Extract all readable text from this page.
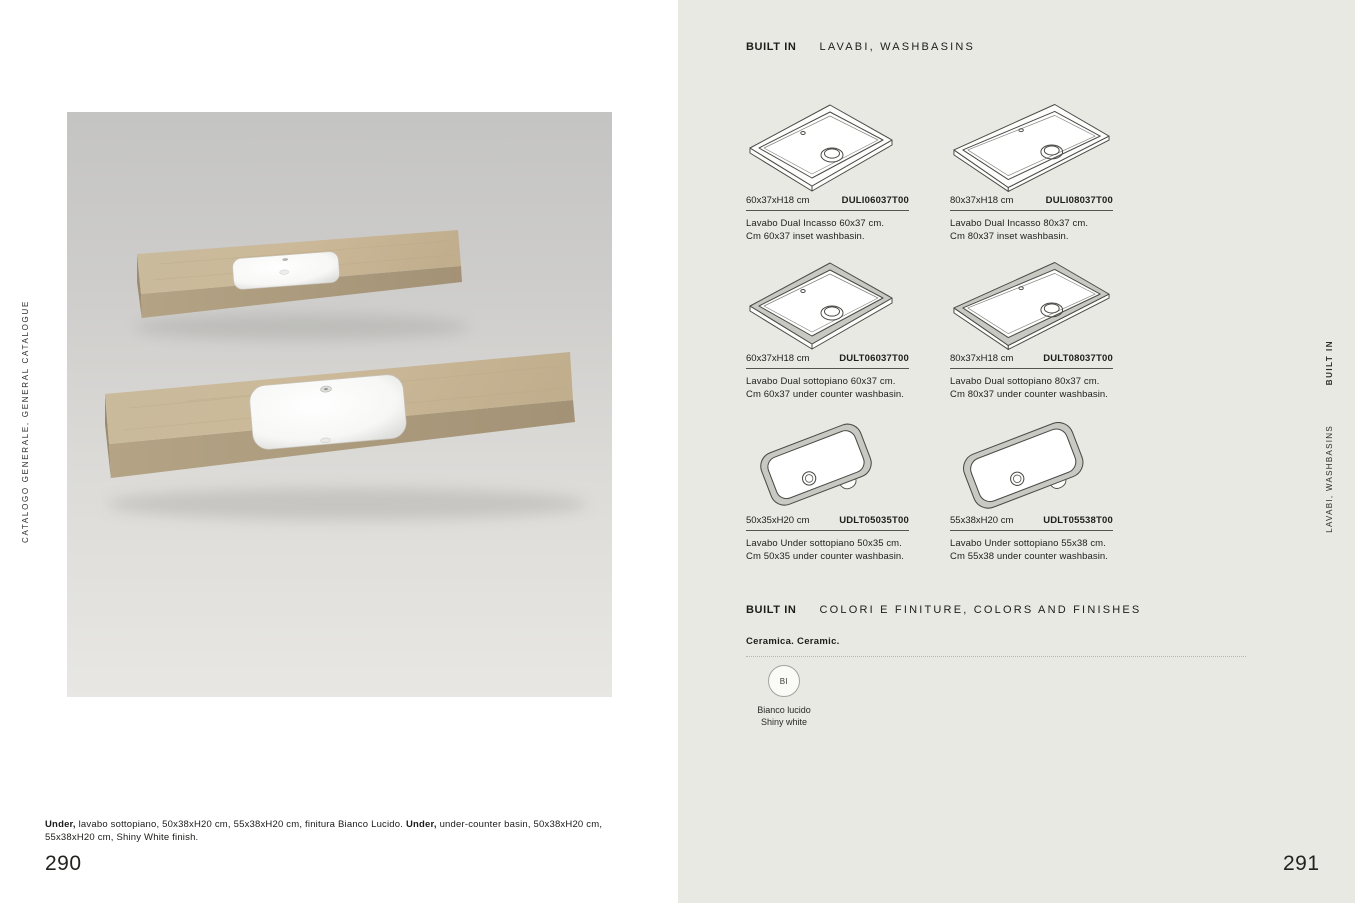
CATALOGO GENERALE, GENERAL CATALOGUE

Under, lavabo sottopiano, 50x38xH20 cm, 55x38xH20 cm, finitura Bianco Lucido. Under, under-counter basin, 50x38xH20 cm, 55x38xH20 cm, Shiny White finish.

290
BUILT IN LAVABI, WASHBASINS
60x37xH18 cm	DULI06037T00
Lavabo Dual Incasso 60x37 cm.
Cm 60x37 inset washbasin.
80x37xH18 cm	DULI08037T00
Lavabo Dual Incasso 80x37 cm.
Cm 80x37 inset washbasin.
60x37xH18 cm	DULT06037T00
Lavabo Dual sottopiano 60x37 cm.
Cm 60x37 under counter washbasin.
80x37xH18 cm	DULT08037T00
Lavabo Dual sottopiano 80x37 cm.
Cm 80x37 under counter washbasin.
50x35xH20 cm	UDLT05035T00
Lavabo Under sottopiano 50x35 cm.
Cm 50x35 under counter washbasin.
55x38xH20 cm	UDLT05538T00
Lavabo Under sottopiano 55x38 cm.
Cm 55x38 under counter washbasin.
BUILT IN COLORI E FINITURE, COLORS AND FINISHES
Ceramica. Ceramic.
BI
Bianco lucido
Shiny white
BUILT IN
LAVABI, WASHBASINS
291
